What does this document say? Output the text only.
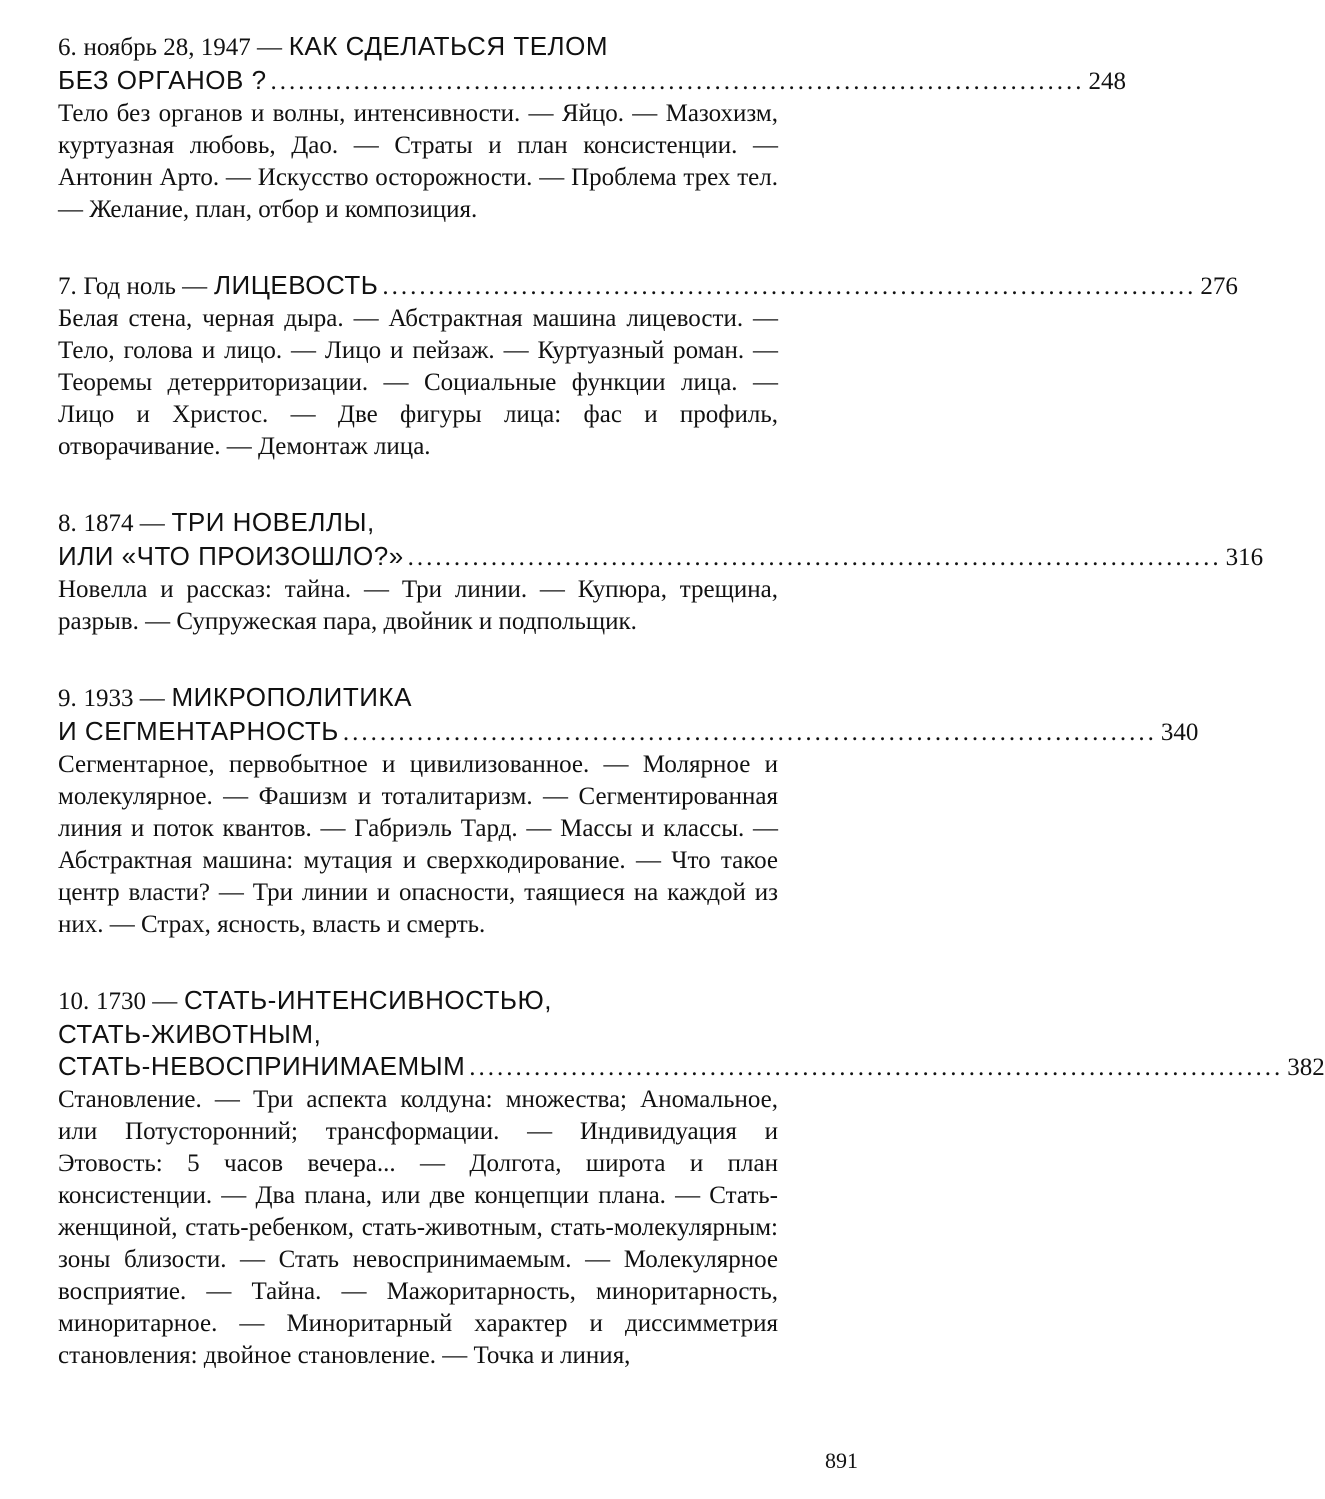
6. ноябрь 28, 1947 — КАК СДЕЛАТЬСЯ ТЕЛОМ
БЕЗ ОРГАНОВ ? ........................................................................................ 248

Тело без органов и волны, интенсивности. — Яйцо. — Мазохизм, куртуазная любовь, Дао. — Страты и план консистенции. — Антонин Арто. — Искусство осторожности. — Проблема трех тел. — Желание, план, отбор и композиция.

7. Год ноль — ЛИЦЕВОСТЬ ........................................................................................ 276

Белая стена, черная дыра. — Абстрактная машина лицевости. — Тело, голова и лицо. — Лицо и пейзаж. — Куртуазный роман. — Теоремы детерриторизации. — Социальные функции лица. — Лицо и Христос. — Две фигуры лица: фас и профиль, отворачивание. — Демонтаж лица.

8. 1874 — ТРИ НОВЕЛЛЫ,
ИЛИ «ЧТО ПРОИЗОШЛО?» ........................................................................................ 316

Новелла и рассказ: тайна. — Три линии. — Купюра, трещина, разрыв. — Супружеская пара, двойник и подпольщик.

9. 1933 — МИКРОПОЛИТИКА
И СЕГМЕНТАРНОСТЬ ........................................................................................ 340

Сегментарное, первобытное и цивилизованное. — Молярное и молекулярное. — Фашизм и тоталитаризм. — Сегментированная линия и поток квантов. — Габриэль Тард. — Массы и классы. — Абстрактная машина: мутация и сверхкодирование. — Что такое центр власти? — Три линии и опасности, таящиеся на каждой из них. — Страх, ясность, власть и смерть.

10. 1730 — СТАТЬ-ИНТЕНСИВНОСТЬЮ,
СТАТЬ-ЖИВОТНЫМ,
СТАТЬ-НЕВОСПРИНИМАЕМЫМ ........................................................................................ 382

Становление. — Три аспекта колдуна: множества; Аномальное, или Потусторонний; трансформации. — Индивидуация и Этовость: 5 часов вечера... — Долгота, широта и план консистенции. — Два плана, или две концепции плана. — Стать-женщиной, стать-ребенком, стать-животным, стать-молекулярным: зоны близости. — Стать невоспринимаемым. — Молекулярное восприятие. — Тайна. — Мажоритарность, миноритарность, миноритарное. — Миноритарный характер и диссимметрия становления: двойное становление. — Точка и линия,

891
